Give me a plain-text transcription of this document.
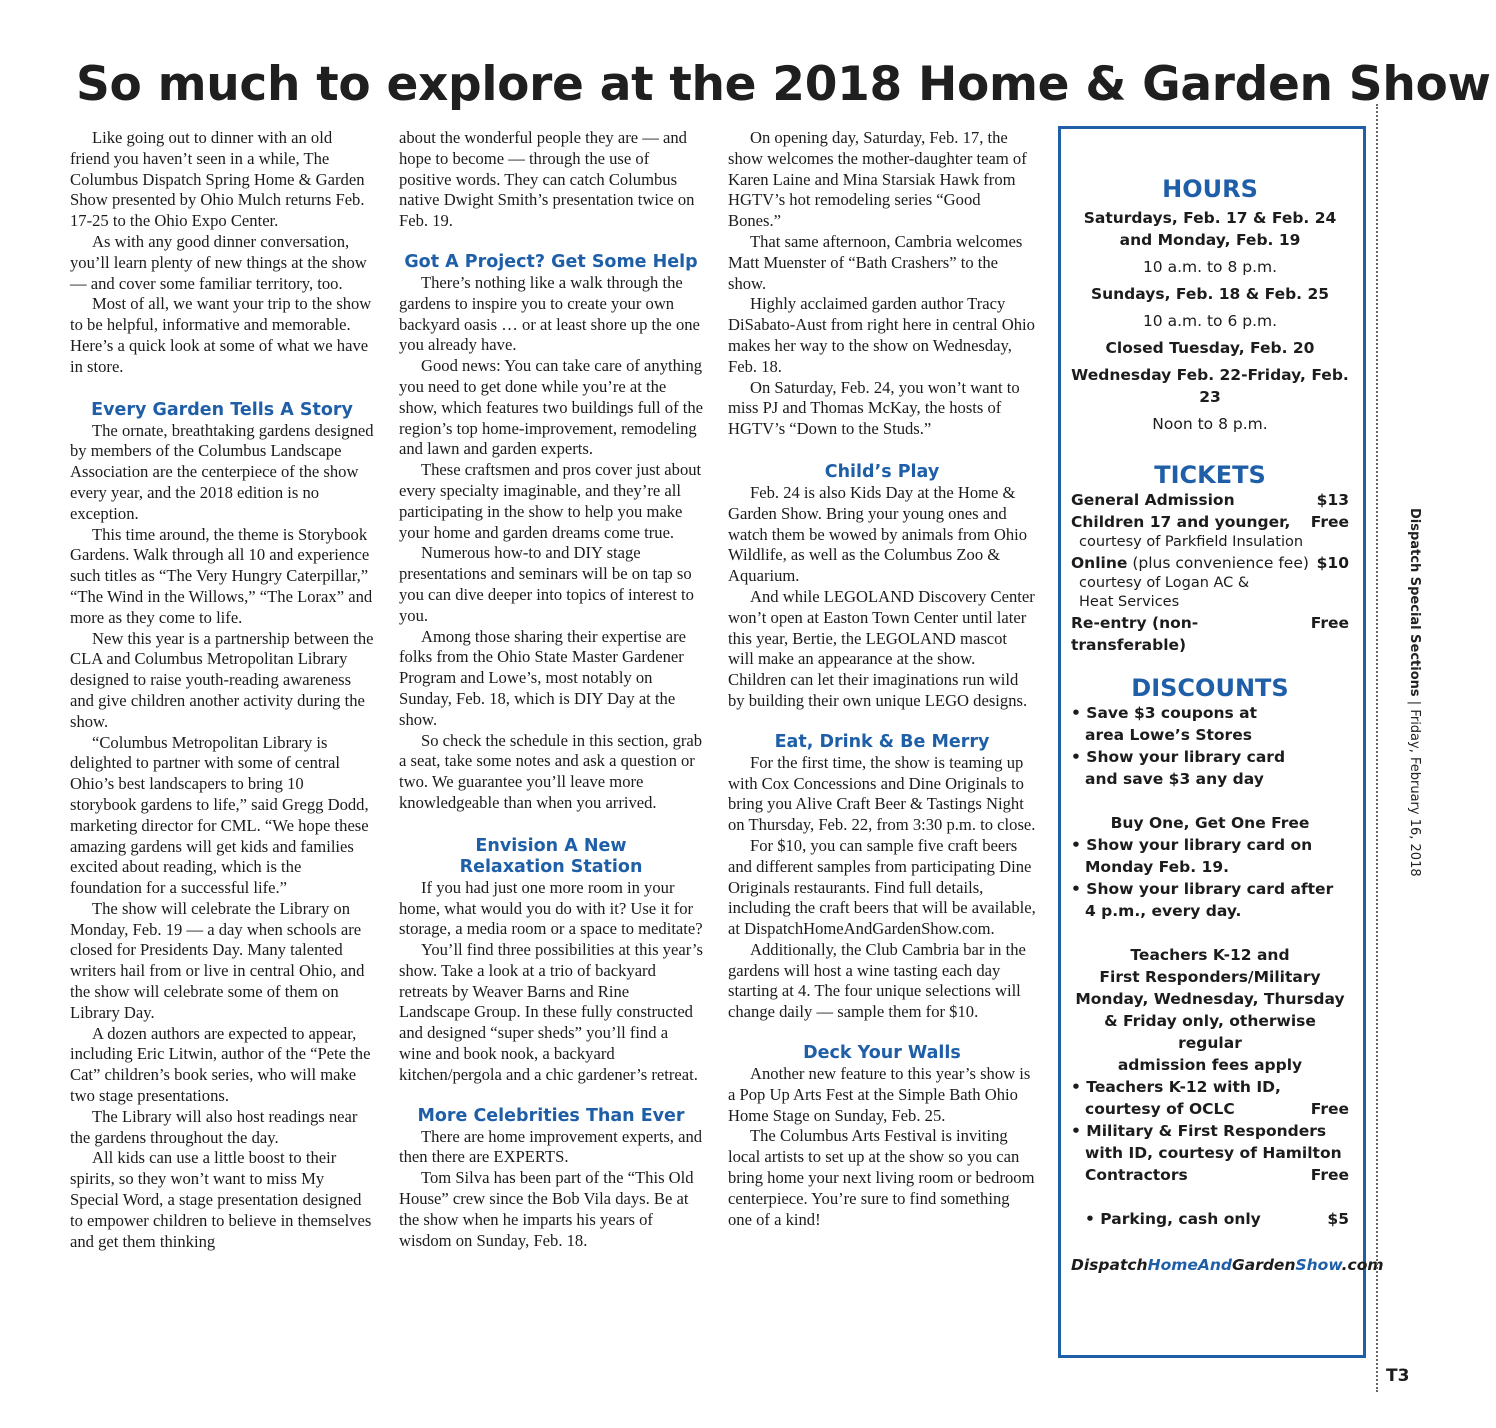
So much to explore at the 2018 Home & Garden Show

Like going out to dinner with an old friend you haven’t seen in a while, The Columbus Dispatch Spring Home & Garden Show presented by Ohio Mulch returns Feb. 17-25 to the Ohio Expo Center.

As with any good dinner conversation, you’ll learn plenty of new things at the show — and cover some familiar territory, too.

Most of all, we want your trip to the show to be helpful, informative and memorable. Here’s a quick look at some of what we have in store.

Every Garden Tells A Story

The ornate, breathtaking gardens designed by members of the Columbus Landscape Association are the centerpiece of the show every year, and the 2018 edition is no exception.

This time around, the theme is Storybook Gardens. Walk through all 10 and experience such titles as “The Very Hungry Caterpillar,” “The Wind in the Willows,” “The Lorax” and more as they come to life.

New this year is a partnership between the CLA and Columbus Metropolitan Library designed to raise youth-reading awareness and give children another activity during the show.

“Columbus Metropolitan Library is delighted to partner with some of central Ohio’s best landscapers to bring 10 storybook gardens to life,” said Gregg Dodd, marketing director for CML. “We hope these amazing gardens will get kids and families excited about reading, which is the foundation for a successful life.”

The show will celebrate the Library on Monday, Feb. 19 — a day when schools are closed for Presidents Day. Many talented writers hail from or live in central Ohio, and the show will celebrate some of them on Library Day.

A dozen authors are expected to appear, including Eric Litwin, author of the “Pete the Cat” children’s book series, who will make two stage presentations.

The Library will also host readings near the gardens throughout the day.

All kids can use a little boost to their spirits, so they won’t want to miss My Special Word, a stage presentation designed to empower children to believe in themselves and get them thinking

about the wonderful people they are — and hope to become — through the use of positive words. They can catch Columbus native Dwight Smith’s presentation twice on Feb. 19.

Got A Project? Get Some Help

There’s nothing like a walk through the gardens to inspire you to create your own backyard oasis … or at least shore up the one you already have.

Good news: You can take care of anything you need to get done while you’re at the show, which features two buildings full of the region’s top home-improvement, remodeling and lawn and garden experts.

These craftsmen and pros cover just about every specialty imaginable, and they’re all participating in the show to help you make your home and garden dreams come true.

Numerous how-to and DIY stage presentations and seminars will be on tap so you can dive deeper into topics of interest to you.

Among those sharing their expertise are folks from the Ohio State Master Gardener Program and Lowe’s, most notably on Sunday, Feb. 18, which is DIY Day at the show.

So check the schedule in this section, grab a seat, take some notes and ask a question or two. We guarantee you’ll leave more knowledgeable than when you arrived.

Envision A New
Relaxation Station

If you had just one more room in your home, what would you do with it? Use it for storage, a media room or a space to meditate?

You’ll find three possibilities at this year’s show. Take a look at a trio of backyard retreats by Weaver Barns and Rine Landscape Group. In these fully constructed and designed “super sheds” you’ll find a wine and book nook, a backyard kitchen/pergola and a chic gardener’s retreat.

More Celebrities Than Ever

There are home improvement experts, and then there are EXPERTS.

Tom Silva has been part of the “This Old House” crew since the Bob Vila days. Be at the show when he imparts his years of wisdom on Sunday, Feb. 18.

On opening day, Saturday, Feb. 17, the show welcomes the mother-daughter team of Karen Laine and Mina Starsiak Hawk from HGTV’s hot remodeling series “Good Bones.”

That same afternoon, Cambria welcomes Matt Muenster of “Bath Crashers” to the show.

Highly acclaimed garden author Tracy DiSabato-Aust from right here in central Ohio makes her way to the show on Wednesday, Feb. 18.

On Saturday, Feb. 24, you won’t want to miss PJ and Thomas McKay, the hosts of HGTV’s “Down to the Studs.”

Child’s Play

Feb. 24 is also Kids Day at the Home & Garden Show. Bring your young ones and watch them be wowed by animals from Ohio Wildlife, as well as the Columbus Zoo & Aquarium.

And while LEGOLAND Discovery Center won’t open at Easton Town Center until later this year, Bertie, the LEGOLAND mascot will make an appearance at the show. Children can let their imaginations run wild by building their own unique LEGO designs.

Eat, Drink & Be Merry

For the first time, the show is teaming up with Cox Concessions and Dine Originals to bring you Alive Craft Beer & Tastings Night on Thursday, Feb. 22, from 3:30 p.m. to close.

For $10, you can sample five craft beers and different samples from participating Dine Originals restaurants. Find full details, including the craft beers that will be available, at DispatchHomeAndGardenShow.com.

Additionally, the Club Cambria bar in the gardens will host a wine tasting each day starting at 4. The four unique selections will change daily — sample them for $10.

Deck Your Walls

Another new feature to this year’s show is a Pop Up Arts Fest at the Simple Bath Ohio Home Stage on Sunday, Feb. 25.

The Columbus Arts Festival is inviting local artists to set up at the show so you can bring home your next living room or bedroom centerpiece. You’re sure to find something one of a kind!

HOURS
Saturdays, Feb. 17 & Feb. 24
and Monday, Feb. 19
10 a.m. to 8 p.m.
Sundays, Feb. 18 & Feb. 25
10 a.m. to 6 p.m.
Closed Tuesday, Feb. 20
Wednesday Feb. 22-Friday, Feb. 23
Noon to 8 p.m.
TICKETS
General Admission	$13
Children 17 and younger, Free
courtesy of Parkfield Insulation
Online (plus convenience fee) $10
courtesy of Logan AC &
Heat Services
Re-entry (non-transferable)
Free
DISCOUNTS
• Save $3 coupons at
area Lowe’s Stores
• Show your library card
and save $3 any day
Buy One, Get One Free
• Show your library card on
Monday Feb. 19.
• Show your library card after
4 p.m., every day.
Teachers K-12 and
First Responders/Military
Monday, Wednesday, Thursday
& Friday only, otherwise regular
admission fees apply
• Teachers K-12 with ID,
courtesy of OCLC	Free
• Military & First Responders
with ID, courtesy of Hamilton
Contractors	Free
• Parking, cash only	$5
DispatchHomeAndGardenShow.com
Dispatch Special Sections | Friday, February 16, 2018
T3
